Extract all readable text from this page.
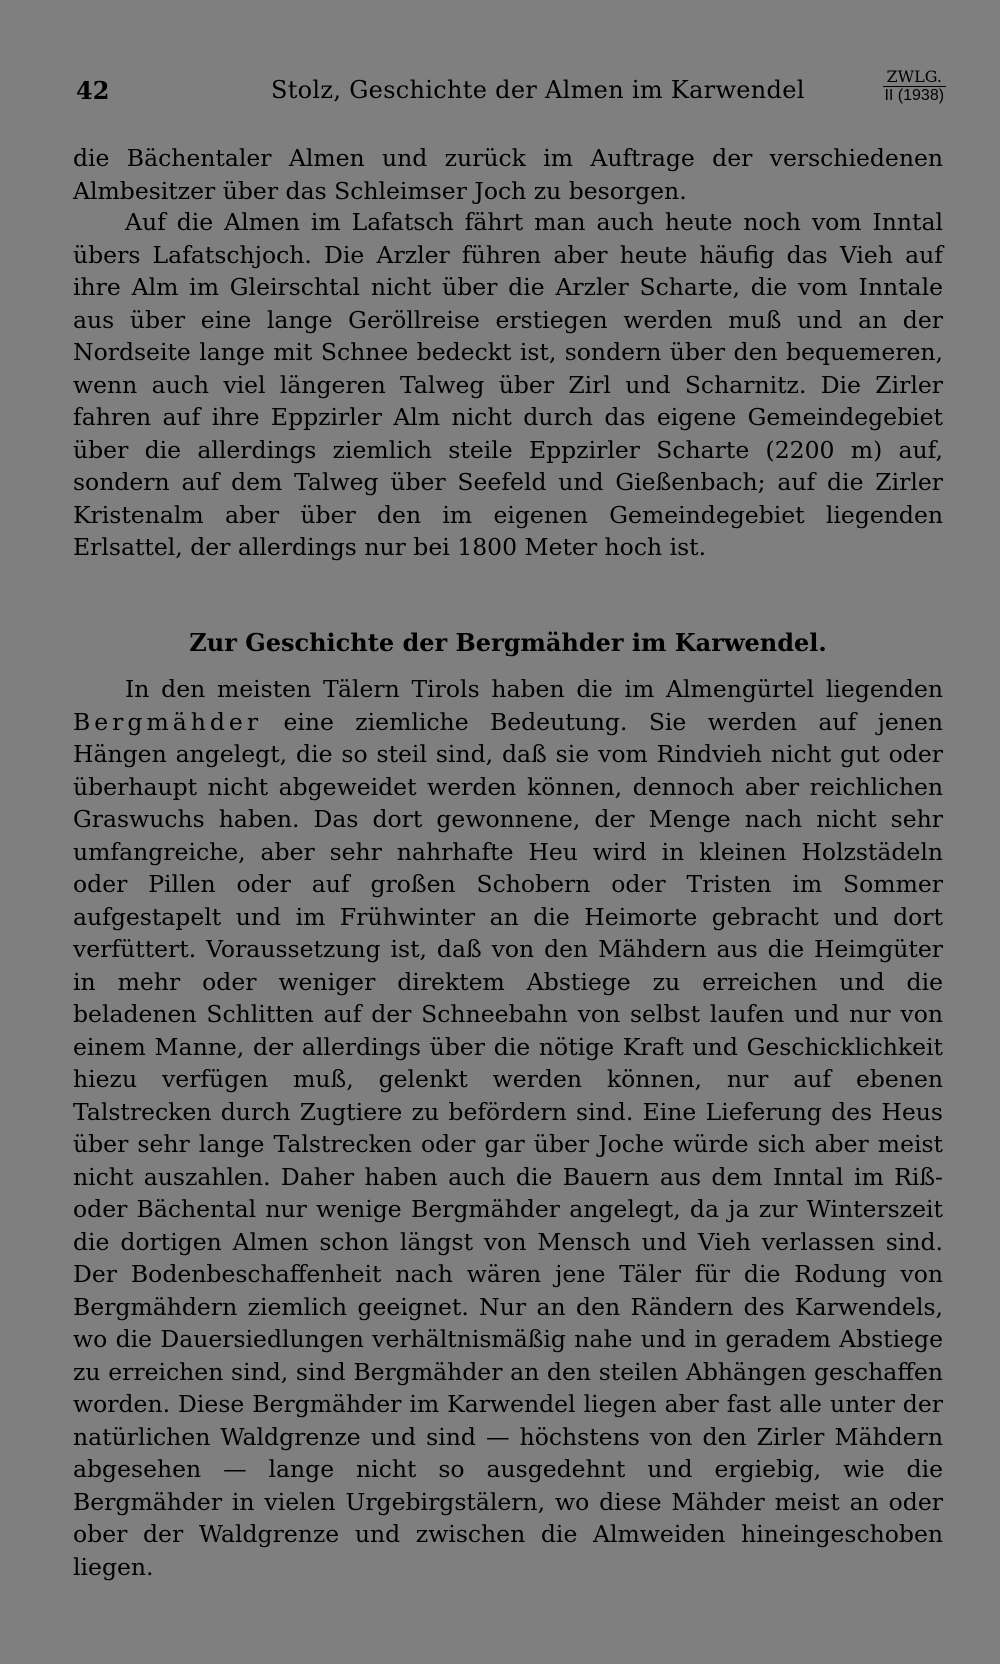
42	Stolz, Geschichte der Almen im Karwendel	ZWLG.
II (1938)

die Bächentaler Almen und zurück im Auftrage der verschiedenen Almbesitzer über das Schleimser Joch zu besorgen.

Auf die Almen im Lafatsch fährt man auch heute noch vom Inntal übers Lafatschjoch. Die Arzler führen aber heute häufig das Vieh auf ihre Alm im Gleirschtal nicht über die Arzler Scharte, die vom Inntale aus über eine lange Geröllreise erstiegen werden muß und an der Nordseite lange mit Schnee bedeckt ist, sondern über den bequemeren, wenn auch viel längeren Talweg über Zirl und Scharnitz. Die Zirler fahren auf ihre Eppzirler Alm nicht durch das eigene Gemeindegebiet über die allerdings ziemlich steile Eppzirler Scharte (2200 m) auf, sondern auf dem Talweg über Seefeld und Gießenbach; auf die Zirler Kristenalm aber über den im eigenen Gemeindegebiet liegenden Erlsattel, der allerdings nur bei 1800 Meter hoch ist.

Zur Geschichte der Bergmähder im Karwendel.

In den meisten Tälern Tirols haben die im Almengürtel liegenden Bergmähder eine ziemliche Bedeutung. Sie werden auf jenen Hängen angelegt, die so steil sind, daß sie vom Rindvieh nicht gut oder überhaupt nicht abgeweidet werden können, dennoch aber reichlichen Graswuchs haben. Das dort gewonnene, der Menge nach nicht sehr umfangreiche, aber sehr nahrhafte Heu wird in kleinen Holzstädeln oder Pillen oder auf großen Schobern oder Tristen im Sommer aufgestapelt und im Frühwinter an die Heimorte gebracht und dort verfüttert. Voraussetzung ist, daß von den Mähdern aus die Heimgüter in mehr oder weniger direktem Abstiege zu erreichen und die beladenen Schlitten auf der Schneebahn von selbst laufen und nur von einem Manne, der allerdings über die nötige Kraft und Geschicklichkeit hiezu verfügen muß, gelenkt werden können, nur auf ebenen Talstrecken durch Zugtiere zu befördern sind. Eine Lieferung des Heus über sehr lange Talstrecken oder gar über Joche würde sich aber meist nicht auszahlen. Daher haben auch die Bauern aus dem Inntal im Riß- oder Bächental nur wenige Bergmähder angelegt, da ja zur Winterszeit die dortigen Almen schon längst von Mensch und Vieh verlassen sind. Der Bodenbeschaffenheit nach wären jene Täler für die Rodung von Bergmähdern ziemlich geeignet. Nur an den Rändern des Karwendels, wo die Dauersiedlungen verhältnismäßig nahe und in geradem Abstiege zu erreichen sind, sind Bergmähder an den steilen Abhängen geschaffen worden. Diese Bergmähder im Karwendel liegen aber fast alle unter der natürlichen Waldgrenze und sind — höchstens von den Zirler Mähdern abgesehen — lange nicht so ausgedehnt und ergiebig, wie die Bergmähder in vielen Urgebirgstälern, wo diese Mähder meist an oder ober der Waldgrenze und zwischen die Almweiden hineingeschoben liegen.
